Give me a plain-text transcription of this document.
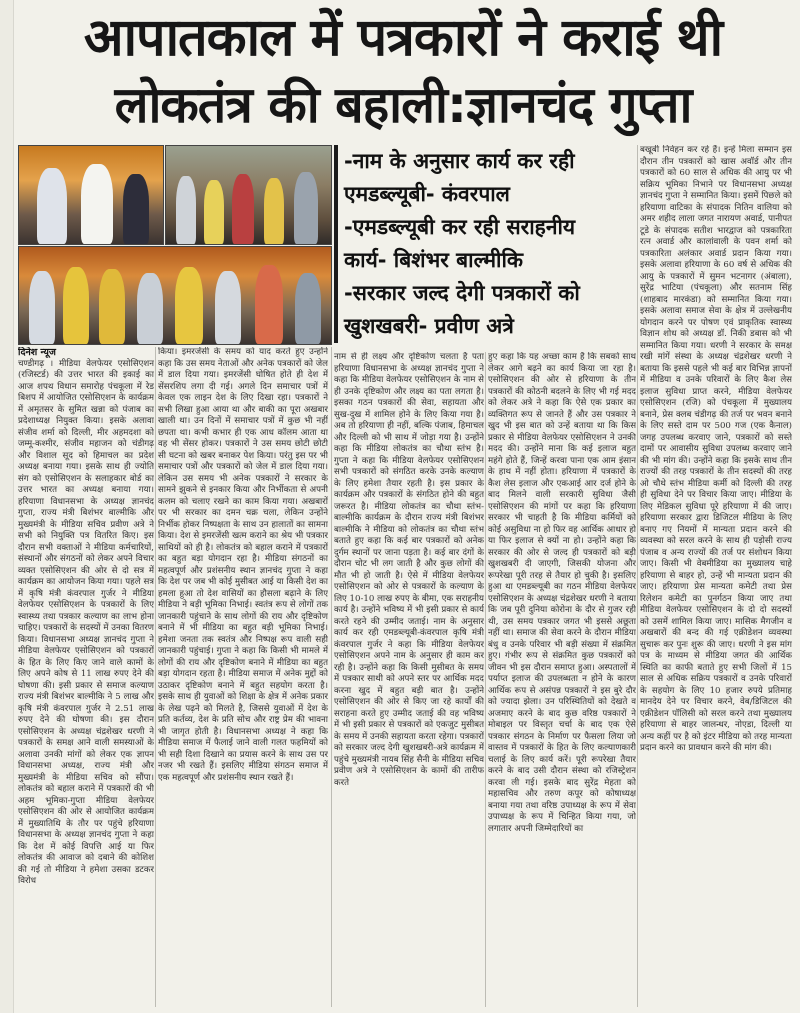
आपातकाल में पत्रकारों ने कराई थी
लोकतंत्र की बहाली:ज्ञानचंद गुप्ता
-नाम के अनुसार कार्य कर रही
एमडब्ल्यूबी- कंवरपाल
-एमडब्ल्यूबी कर रही सराहनीय
कार्य- बिशंभर बाल्मीकि
-सरकार जल्द देगी पत्रकारों को
खुशखबरी- प्रवीण अत्रे
दिनेश न्यूज

चण्डीगढ़ । मीडिया वेलफेयर एसोसिएशन (रजिस्टर्ड) की उत्तर भारत की इकाई का आज शपथ विधान समारोह पंचकूला में रेड बिशप में आयोजित एसोसिएशन के कार्यक्रम में अमृतसर के सुमित खन्ना को पंजाब का प्रदेशाध्यक्ष नियुक्त किया। इसके अलावा संजीव शर्मा को दिल्ली, मीर अहमदशा को जम्मू-कश्मीर, संजीव महाजन को चंडीगढ़ और विशाल सूद को हिमाचल का प्रदेश अध्यक्ष बनाया गया। इसके साथ ही ज्योति संग को एसोसिएशन के सलाहकार बोर्ड का उत्तर भारत का अध्यक्ष बनाया गया। हरियाणा विधानसभा के अध्यक्ष ज्ञानचंद गुप्ता, राज्य मंत्री बिशंभर बाल्मीकि और मुख्यमंत्री के मीडिया सचिव प्रवीण अत्रे ने सभी को नियुक्ति पत्र वितरित किए। इस दौरान सभी वक्ताओं ने मीडिया कर्मचारियों, संस्थानों और संगठनों को लेकर अपने विचार व्यक्त एसोसिएशन की ओर से दो सत्र में कार्यक्रम का आयोजन किया गया। पहले सत्र में कृषि मंत्री कंवरपाल गुर्जर ने मीडिया वेलफेयर एसोसिएशन के पत्रकारों के लिए स्वास्थ्य तथा पत्रकार कल्याण का लाभ होना चाहिए। पत्रकारों के सदस्यों में उनका वितरण किया। विधानसभा अध्यक्ष ज्ञानचंद गुप्ता ने मीडिया वेलफेयर एसोसिएशन को पत्रकारों के हित के लिए किए जाने वाले कामों के लिए अपने कोष से 11 लाख रुपए देने की घोषणा की। इसी प्रकार से समाज कल्याण राज्य मंत्री बिशंभर बाल्मीकि ने 5 लाख और कृषि मंत्री कंवरपाल गुर्जर ने 2.51 लाख रुपए देने की घोषणा की। इस दौरान एसोसिएशन के अध्यक्ष चंद्रशेखर धरणी ने पत्रकारों के समक्ष आने वाली समस्याओं के अलावा उनकी मांगों को लेकर एक ज्ञापन विधानसभा अध्यक्ष, राज्य मंत्री और मुख्यमंत्री के मीडिया सचिव को सौंपा। लोकतंत्र को बहाल कराने में पत्रकारों की भी अहम भूमिका-गुप्ता मीडिया वेलफेयर एसोसिएशन की ओर से आयोजित कार्यक्रम में मुख्यातिथि के तौर पर पहुंचे हरियाणा विधानसभा के अध्यक्ष ज्ञानचंद गुप्ता ने कहा कि देश में कोई विपत्ति आई या फिर लोकतंत्र की आवाज को दबाने की कोशिश की गई तो मीडिया ने हमेशा उसका डटकर विरोध

किया। इमरजेंसी के समय को याद करते हुए उन्होंने कहा कि उस समय नेताओं और अनेक पत्रकारों को जेल में डाल दिया गया। इमरजेंसी घोषित होते ही देश में सेंसरशिप लगा दी गई। अगले दिन समाचार पत्रों में केवल एक लाइन देश के लिए दिखा रहा। पत्रकारों ने सभी लिखा हुआ आया था और बाकी का पूरा अखबार खाली था। उन दिनों में समाचार पत्रों में कुछ भी नहीं छपता था। कभी कभार ही एक आध कॉलम आता था वह भी सेंसर होकर। पत्रकारों ने उस समय छोटी छोटी सी घटना को खबर बनाकर पेश किया। परंतु इस पर भी समाचार पत्रों और पत्रकारों को जेल में डाल दिया गया। लेकिन उस समय भी अनेक पत्रकारों ने सरकार के सामने झुकने से इनकार किया और निर्भीकता से अपनी कलम को चलाए रखने का काम किया गया। अखबारों पर भी सरकार का दमन चक्र चला, लेकिन उन्होंने निर्भीक होकर निष्पक्षता के साथ उन हालातों का सामना किया। देश से इमरजेंसी खत्म कराने का श्रेय भी पत्रकार साथियों को ही है। लोकतंत्र को बहाल कराने में पत्रकारों का बहुत बड़ा योगदान रहा है। मीडिया संगठनों का महत्वपूर्ण और प्रशंसनीय स्थान ज्ञानचंद गुप्ता ने कहा कि देश पर जब भी कोई मुसीबत आई या किसी देश का हमला हुआ तो देश वासियों का हौसला बढ़ाने के लिए मीडिया ने बड़ी भूमिका निभाई। स्वतंत्र रूप से लोगों तक जानकारी पहुंचाने के साथ लोगों की राय और दृष्टिकोण बनाने में भी मीडिया का बहुत बड़ी भूमिका निभाई। हमेशा जनता तक स्वतंत्र और निष्पक्ष रूप वाली सही जानकारी पहुंचाई। गुप्ता ने कहा कि किसी भी मामले में लोगों की राय और दृष्टिकोण बनाने में मीडिया का बहुत बड़ा योगदान रहता है। मीडिया समाज में अनेक मुद्दों को उठाकर दृष्टिकोण बनाने में बहुत सहयोग करता है। इसके साथ ही युवाओं को शिक्षा के क्षेत्र में अनेक प्रकार के लेख पढ़ने को मिलते है, जिससे युवाओं में देश के प्रति कर्तव्य, देश के प्रति सोच और राष्ट्र प्रेम की भावना भी जागृत होती है। विधानसभा अध्यक्ष ने कहा कि मीडिया समाज में फैलाई जाने वाली गलत फहमियों को भी सही दिशा दिखाने का प्रयास करने के साथ उस पर नजर भी रखते हैं। इसलिए मीडिया संगठन समाज में एक महत्वपूर्ण और प्रशंसनीय स्थान रखते हैं।

नाम से ही लक्ष्य और दृष्टिकोण चलता है पता हरियाणा विधानसभा के अध्यक्ष ज्ञानचंद गुप्ता ने कहा कि मीडिया वेलफेयर एसोसिएशन के नाम से ही उनके दृष्टिकोण और लक्ष्य का पता लगता है। इसका गठन पत्रकारों की सेवा, सहायता और सुख-दुख में शामिल होने के लिए किया गया है। अब तो हरियाणा ही नहीं, बल्कि पंजाब, हिमाचल और दिल्ली को भी साथ में जोड़ा गया है। उन्होंने कहा कि मीडिया लोकतंत्र का चौथा स्तंभ है। गुप्ता ने कहा कि मीडिया वेलफेयर एसोसिएशन सभी पत्रकारों को संगठित करके उनके कल्याण के लिए हमेशा तैयार रहती है। इस प्रकार के कार्यक्रम और पत्रकारों के संगठित होने की बहुत जरूरत है। मीडिया लोकतंत्र का चौथा स्तंभ-बाल्मीकि कार्यक्रम के दौरान राज्य मंत्री बिशंभर बाल्मीकि ने मीडिया को लोकतंत्र का चौथा स्तंभ बताते हुए कहा कि कई बार पत्रकारों को अनेक दुर्गम स्थानों पर जाना पड़ता है। कई बार दंगों के दौरान चोट भी लग जाती है और कुछ लोगों की मौत भी हो जाती है। ऐसे में मीडिया वेलफेयर एसोसिएशन को ओर से पत्रकारों के कल्याण के लिए 10-10 लाख रुपए के बीमा, एक सराहनीय कार्य है। उन्होंने भविष्य में भी इसी प्रकार से कार्य करते रहने की उम्मीद जताई। नाम के अनुसार कार्य कर रही एमडब्ल्यूबी-कंवरपाल कृषि मंत्री कंवरपाल गुर्जर ने कहा कि मीडिया वेलफेयर एसोसिएशन अपने नाम के अनुसार ही काम कर रही है। उन्होंने कहा कि किसी मुसीबत के समय में पत्रकार साथी को अपने स्तर पर आर्थिक मदद करना खुद में बहुत बड़ी बात है। उन्होंने एसोसिएशन की ओर से किए जा रहे कार्यों की सराहना करते हुए उम्मीद जताई की वह भविष्य में भी इसी प्रकार से पत्रकारों को एकजुट मुसीबत के समय में उनकी सहायता करता रहेगा। पत्रकारों को सरकार जल्द देगी खुशखबरी-अत्रे कार्यक्रम में पहुंचे मुख्यमंत्री नायब सिंह सैनी के मीडिया सचिव प्रवीण अत्रे ने एसोसिएशन के कामों की तारीफ करते

हुए कहा कि यह अच्छा काम है कि सबको साथ लेकर आगे बढ़ने का कार्य किया जा रहा है। एसोसिएशन की ओर से हरियाणा के तीन पत्रकारों की कोठनी बदलने के लिए भी गई मदद को लेकर अत्रे ने कहा कि ऐसे एक प्रकार का व्यक्तिगत रूप से जानते हैं और उस पत्रकार ने खुद भी इस बात को उन्हें बताया था कि किस प्रकार से मीडिया वेलफेयर एसोसिएशन ने उनकी मदद की। उन्होंने माना कि कई इलाज बहुत महंगे होते हैं, जिन्हें करवा पाना एक आम इंसान के हाथ में नहीं होता। हरियाणा में पत्रकारों के कैश लेस इलाज और एकआई आर दर्ज होने के बाद मिलने वाली सरकारी सुविधा जैसी एसोसिएशन की मांगों पर कहा कि हरियाणा सरकार भी चाहती है कि मीडिया कर्मियों को कोई असुविधा ना हो फिर वह आर्थिक आधार हो या फिर इलाज से क्यों ना हो। उन्होंने कहा कि सरकार की ओर से जल्द ही पत्रकारों को बड़ी खुशखबरी दी जाएगी, जिसकी योजना और रूपरेखा पूरी तरह से तैयार हो चुकी है। इसलिए हुआ था एमडब्ल्यूबी का गठन मीडिया वेलफेयर एसोसिएशन के अध्यक्ष चंद्रशेखर धरणी ने बताया कि जब पूरी दुनिया कोरोना के दौर से गुजर रही थी, उस समय पत्रकार जगत भी इससे अछूता नहीं था। समाज की सेवा करने के दौरान मीडिया बंधु व उनके परिवार भी बड़ी संख्या में संक्रमित हुए। गंभीर रूप से संक्रमित कुछ पत्रकारों को जीवन भी इस दौरान समाप्त हुआ। अस्पतालों में पर्याप्त इलाज की उपलब्धता न होने के कारण आर्थिक रूप से असंपन्न पत्रकारों ने इस बुरे दौर को ज्यादा झेला। उन परिस्थितियों को देखते व अजमाए करने के बाद कुछ वरिष्ठ पत्रकारों ने मोबाइल पर विस्तृत चर्चा के बाद एक ऐसे पत्रकार संगठन के निर्माण पर फैसला लिया जो वास्तव में पत्रकारों के हित के लिए कल्याणकारी चलाई के लिए कार्य करें। पूरी रूपरेखा तैयार करने के बाद उसी दौरान संस्था को रजिस्ट्रेशन करवा ली गई। इसके बाद सुरेंद्र मेहता को महासचिव और तरुण कपूर को कोषाध्यक्ष बनाया गया तथा वरिष्ठ उपाध्यक्ष के रूप में सेवा उपाध्यक्ष के रूप में चिन्हित किया गया, जो लगातार अपनी जिम्मेदारियों का

बखूबी निर्वहन कर रहे हैं। इन्हें मिला सम्मान इस दौरान तीन पत्रकारों को खास अवॉर्ड और तीन पत्रकारों को 60 साल से अधिक की आयु पर भी सक्रिय भूमिका निभाने पर विधानसभा अध्यक्ष ज्ञानचंद गुप्ता ने सम्मानित किया। इसमें पिछले को हरियाणा वाटिका के संपादक नितिन वालिया को अमर शहीद लाला जगत नारायण अवार्ड, पानीपत टूडे के संपादक सतीश भारद्वाज को पत्रकारिता रत्न अवार्ड और कालांवाली के पवन शर्मा को पत्रकारिता अलंकार अवार्ड प्रदान किया गया। इसके अलावा हरियाणा के 60 वर्ष से अधिक की आयु के पत्रकारों में सुमन भटनागर (अंबाला), सुरेंद्र भाटिया (पंचकूला) और सतनाम सिंह (शाहबाद मारकंडा) को सम्मानित किया गया। इसके अलावा समाज सेवा के क्षेत्र में उल्लेखनीय योगदान करने पर पोषण एवं प्राकृतिक स्वास्थ्य विज्ञान शोध को अध्यक्ष डॉ. निकी डबास को भी सम्मानित किया गया। धरणी ने सरकार के समक्ष रखी मांगें संस्था के अध्यक्ष चंद्रशेखर धरणी ने बताया कि इससे पहले भी कई बार विभिन्न ज्ञापनों में मीडिया व उनके परिवारों के लिए कैश लेस इलाज सुविधा प्राप्त करने, मीडिया वेलफेयर एसोसिएशन (रजि) को पंचकूला में मुख्यालय बनाने, प्रेस क्लब चंडीगढ़ की तर्ज पर भवन बनाने के लिए सस्ते दाम पर 500 गज (एक कैनाल) जगह उपलब्ध करवाए जाने, पत्रकारों को सस्ते दामों पर आवासीय सुविधा उपलब्ध करवाए जाने की भी मांग की। उन्होंने कहा कि इसके साथ तीन राज्यों की तरह पत्रकारों के तीन सदस्यों की तरह ओ चौथे स्तंभ मीडिया कर्मी को दिल्ली की तरह ही सुविधा देने पर विचार किया जाए। मीडिया के लिए मेडिकल सुविधा पूरे हरियाणा में की जाए। हरियाणा सरकार द्वारा डिजिटल मीडिया के लिए बनाए गए नियमों में मान्यता प्रदान करने की व्यवस्था को सरल करने के साथ ही पड़ोसी राज्य पंजाब व अन्य राज्यों की तर्ज पर संशोधन किया जाए। किसी भी वेबमीडिया का मुख्यालय चाहे हरियाणा से बाहर हो, उन्हें भी मान्यता प्रदान की जाए। हरियाणा प्रेस मान्यता कमेटी तथा प्रेस रिलेशन कमेटी का पुनर्गठन किया जाए तथा मीडिया वेलफेयर एसोसिएशन के दो दो सदस्यों को उसमें शामिल किया जाए। मासिक मैगजीन व अखबारों की बन्द की गई एक्रीडेशन व्यवस्था सुचारू कर पुनः शुरू की जाए। धरणी ने इस मांग पत्र के माध्यम से मीडिया जगत की आर्थिक स्थिति का काफी बताते हुए सभी जिलों में 15 साल से अधिक सक्रिय पत्रकारों व उनके परिवारों के सहयोग के लिए 10 हजार रुपये प्रतिमाह मानदेय देने पर विचार करने, वेब/डिजिटल की एक्रीडेशन पॉलिसी को सरल करने तथा मुख्यालय हरियाणा से बाहर जालन्धर, नोएडा, दिल्ली या अन्य कहीं पर है को इंटर मीडिया को तरह मान्यता प्रदान करने का प्रावधान करने की मांग की।
